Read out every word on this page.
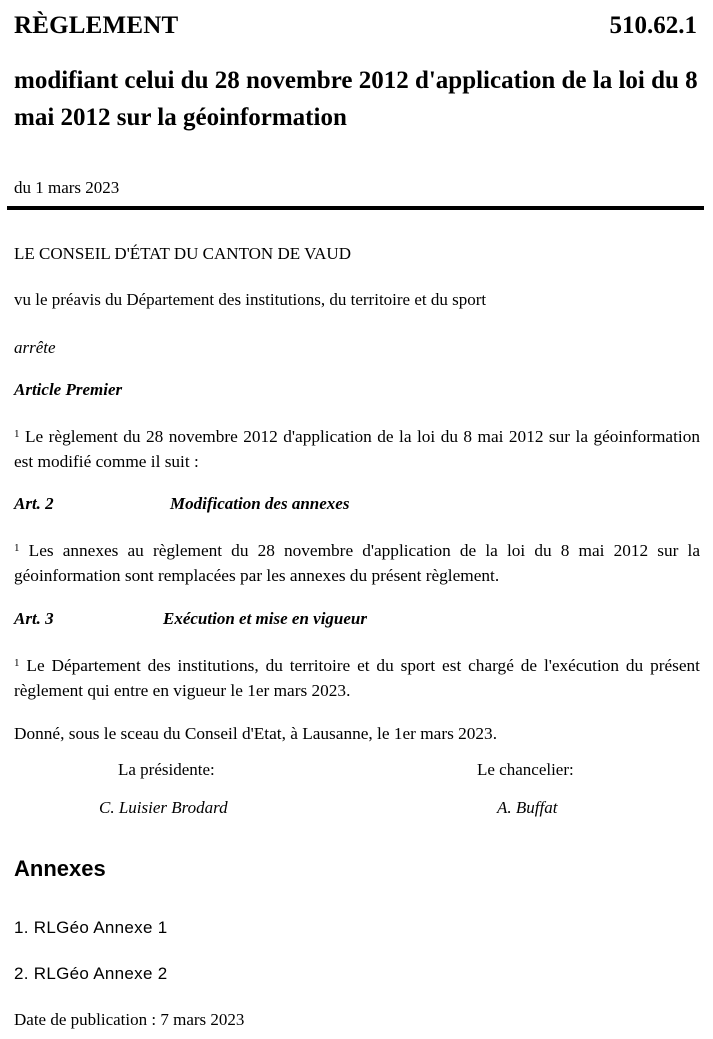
RÈGLEMENT	510.62.1
modifiant celui du 28 novembre 2012 d'application de la loi du 8 mai 2012 sur la géoinformation
du 1 mars 2023
LE CONSEIL D'ÉTAT DU CANTON DE VAUD
vu le préavis du Département des institutions, du territoire et du sport
arrête
Article Premier
$^1$ Le règlement du 28 novembre 2012 d'application de la loi du 8 mai 2012 sur la géoinformation est modifié comme il suit :
Art. 2	Modification des annexes
$^1$ Les annexes au règlement du 28 novembre d'application de la loi du 8 mai 2012 sur la géoinformation sont remplacées par les annexes du présent règlement.
Art. 3	Exécution et mise en vigueur
$^1$ Le Département des institutions, du territoire et du sport est chargé de l'exécution du présent règlement qui entre en vigueur le 1er mars 2023.
Donné, sous le sceau du Conseil d'Etat, à Lausanne, le 1er mars 2023.
La présidente:	Le chancelier:
C. Luisier Brodard	A. Buffat
Annexes
1. RLGéo Annexe 1
2. RLGéo Annexe 2
Date de publication : 7 mars 2023
